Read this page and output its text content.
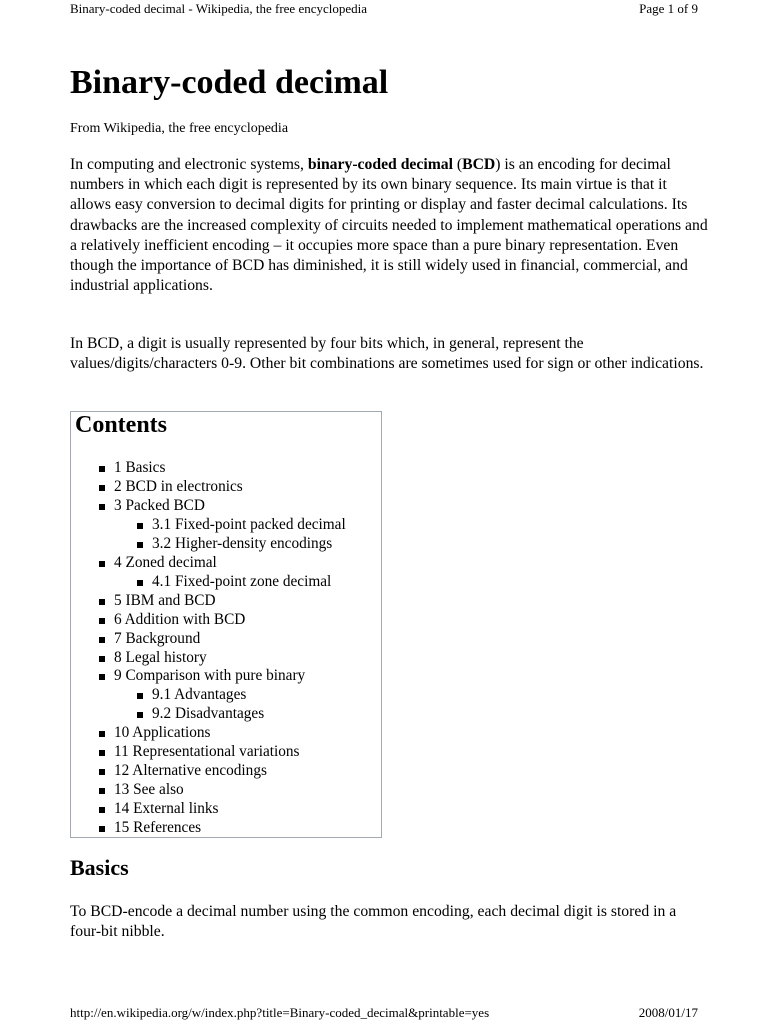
Binary-coded decimal - Wikipedia, the free encyclopedia	Page 1 of 9
Binary-coded decimal
From Wikipedia, the free encyclopedia

In computing and electronic systems, binary-coded decimal (BCD) is an encoding for decimal numbers in which each digit is represented by its own binary sequence. Its main virtue is that it allows easy conversion to decimal digits for printing or display and faster decimal calculations. Its drawbacks are the increased complexity of circuits needed to implement mathematical operations and a relatively inefficient encoding – it occupies more space than a pure binary representation. Even though the importance of BCD has diminished, it is still widely used in financial, commercial, and industrial applications.

In BCD, a digit is usually represented by four bits which, in general, represent the values/digits/characters 0-9. Other bit combinations are sometimes used for sign or other indications.

Contents
1 Basics
2 BCD in electronics
3 Packed BCD
3.1 Fixed-point packed decimal
3.2 Higher-density encodings
4 Zoned decimal
4.1 Fixed-point zone decimal
5 IBM and BCD
6 Addition with BCD
7 Background
8 Legal history
9 Comparison with pure binary
9.1 Advantages
9.2 Disadvantages
10 Applications
11 Representational variations
12 Alternative encodings
13 See also
14 External links
15 References
Basics

To BCD-encode a decimal number using the common encoding, each decimal digit is stored in a four-bit nibble.

http://en.wikipedia.org/w/index.php?title=Binary-coded_decimal&printable=yes	2008/01/17
